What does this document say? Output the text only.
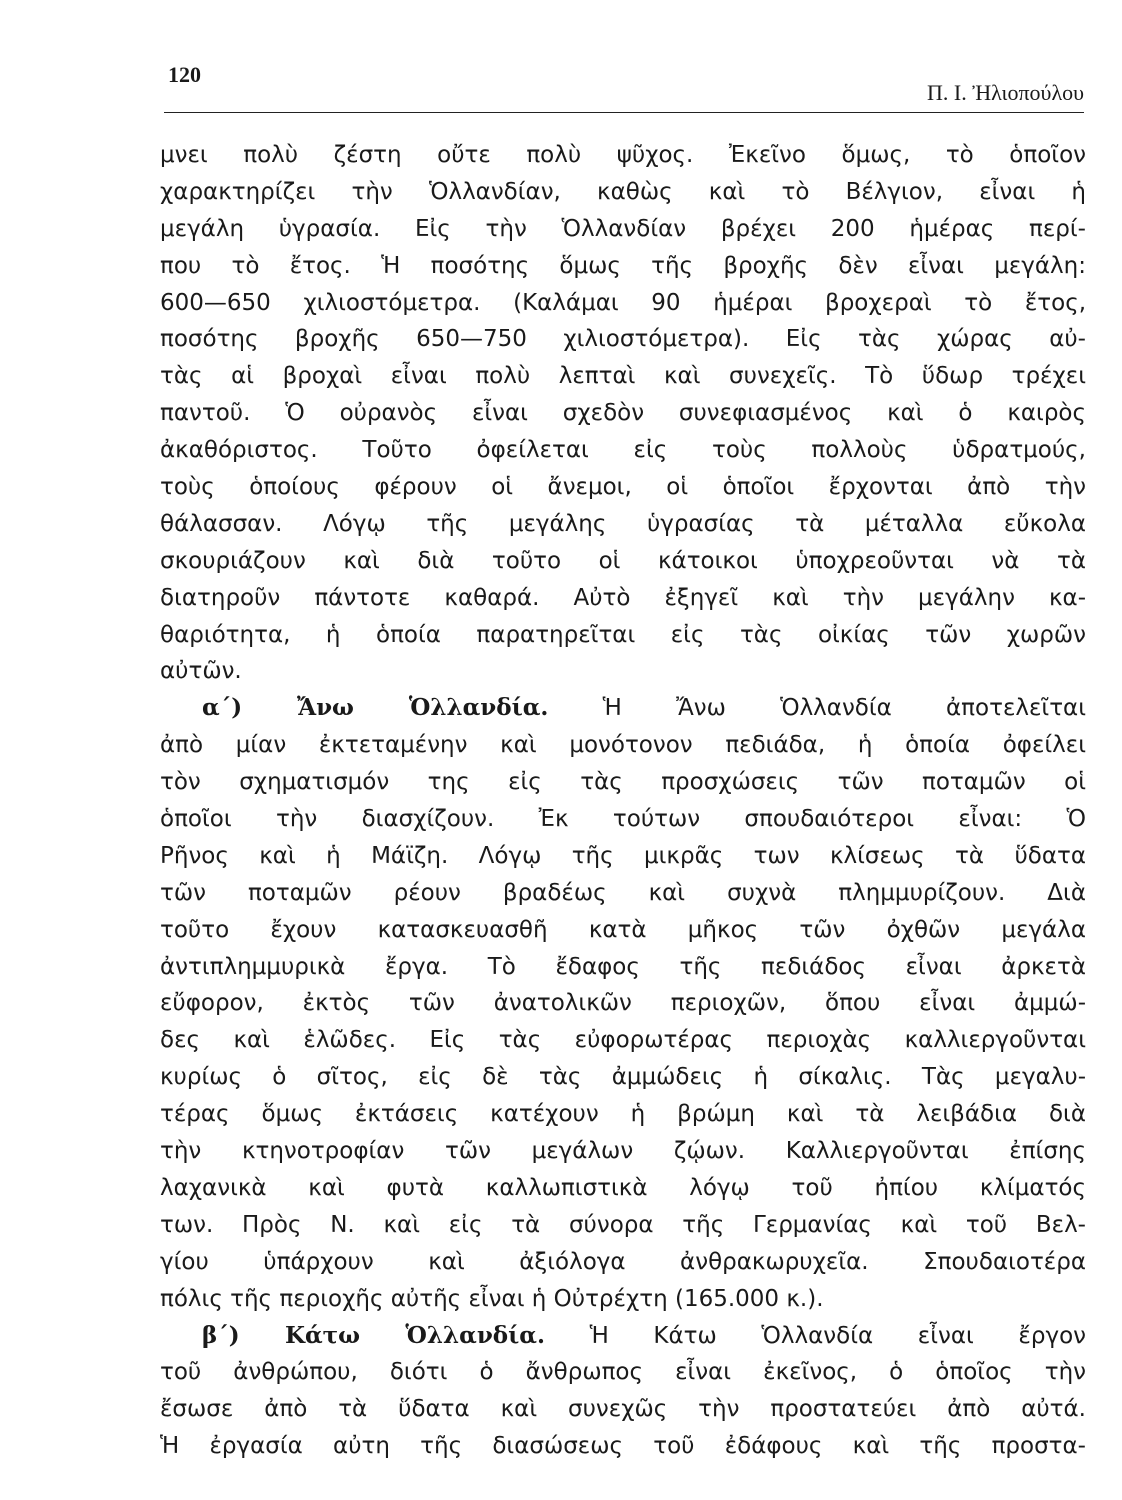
120
Π. Ι. Ἠλιοπούλου
μνει πολὺ ζέστη οὔτε πολὺ ψῦχος. Ἐκεῖνο ὅμως, τὸ ὁποῖον
χαρακτηρίζει τὴν Ὁλλανδίαν, καθὼς καὶ τὸ Βέλγιον, εἶναι ἡ
μεγάλη ὑγρασία. Εἰς τὴν Ὁλλανδίαν βρέχει 200 ἡμέρας περί-
που τὸ ἔτος. Ἡ ποσότης ὅμως τῆς βροχῆς δὲν εἶναι μεγάλη:
600—650 χιλιοστόμετρα. (Καλάμαι 90 ἡμέραι βροχεραὶ τὸ ἔτος,
ποσότης βροχῆς 650—750 χιλιοστόμετρα). Εἰς τὰς χώρας αὐ-
τὰς αἱ βροχαὶ εἶναι πολὺ λεπταὶ καὶ συνεχεῖς. Τὸ ὕδωρ τρέχει
παντοῦ. Ὁ οὐρανὸς εἶναι σχεδὸν συνεφιασμένος καὶ ὁ καιρὸς
ἀκαθόριστος. Τοῦτο ὀφείλεται εἰς τοὺς πολλοὺς ὑδρατμούς,
τοὺς ὁποίους φέρουν οἱ ἄνεμοι, οἱ ὁποῖοι ἔρχονται ἀπὸ τὴν
θάλασσαν. Λόγῳ τῆς μεγάλης ὑγρασίας τὰ μέταλλα εὔκολα
σκουριάζουν καὶ διὰ τοῦτο οἱ κάτοικοι ὑποχρεοῦνται νὰ τὰ
διατηροῦν πάντοτε καθαρά. Αὐτὸ ἐξηγεῖ καὶ τὴν μεγάλην κα-
θαριότητα, ἡ ὁποία παρατηρεῖται εἰς τὰς οἰκίας τῶν χωρῶν
αὐτῶν.
α΄) Ἄνω Ὁλλανδία. Ἡ Ἄνω Ὁλλανδία ἀποτελεῖται
ἀπὸ μίαν ἐκτεταμένην καὶ μονότονον πεδιάδα, ἡ ὁποία ὀφείλει
τὸν σχηματισμόν της εἰς τὰς προσχώσεις τῶν ποταμῶν οἱ
ὁποῖοι τὴν διασχίζουν. Ἐκ τούτων σπουδαιότεροι εἶναι: Ὁ
Ρῆνος καὶ ἡ Μάϊζη. Λόγῳ τῆς μικρᾶς των κλίσεως τὰ ὕδατα
τῶν ποταμῶν ρέουν βραδέως καὶ συχνὰ πλημμυρίζουν. Διὰ
τοῦτο ἔχουν κατασκευασθῆ κατὰ μῆκος τῶν ὀχθῶν μεγάλα
ἀντιπλημμυρικὰ ἔργα. Τὸ ἔδαφος τῆς πεδιάδος εἶναι ἀρκετὰ
εὔφορον, ἐκτὸς τῶν ἀνατολικῶν περιοχῶν, ὅπου εἶναι ἀμμώ-
δες καὶ ἑλῶδες. Εἰς τὰς εὐφορωτέρας περιοχὰς καλλιεργοῦνται
κυρίως ὁ σῖτος, εἰς δὲ τὰς ἀμμώδεις ἡ σίκαλις. Τὰς μεγαλυ-
τέρας ὅμως ἐκτάσεις κατέχουν ἡ βρώμη καὶ τὰ λειβάδια διὰ
τὴν κτηνοτροφίαν τῶν μεγάλων ζῴων. Καλλιεργοῦνται ἐπίσης
λαχανικὰ καὶ φυτὰ καλλωπιστικὰ λόγῳ τοῦ ἠπίου κλίματός
των. Πρὸς Ν. καὶ εἰς τὰ σύνορα τῆς Γερμανίας καὶ τοῦ Βελ-
γίου ὑπάρχουν καὶ ἀξιόλογα ἀνθρακωρυχεῖα. Σπουδαιοτέρα
πόλις τῆς περιοχῆς αὐτῆς εἶναι ἡ Οὐτρέχτη (165.000 κ.).
β΄) Κάτω Ὁλλανδία. Ἡ Κάτω Ὁλλανδία εἶναι ἔργον
τοῦ ἀνθρώπου, διότι ὁ ἄνθρωπος εἶναι ἐκεῖνος, ὁ ὁποῖος τὴν
ἔσωσε ἀπὸ τὰ ὕδατα καὶ συνεχῶς τὴν προστατεύει ἀπὸ αὐτά.
Ἡ ἐργασία αὐτη τῆς διασώσεως τοῦ ἐδάφους καὶ τῆς προστα-
